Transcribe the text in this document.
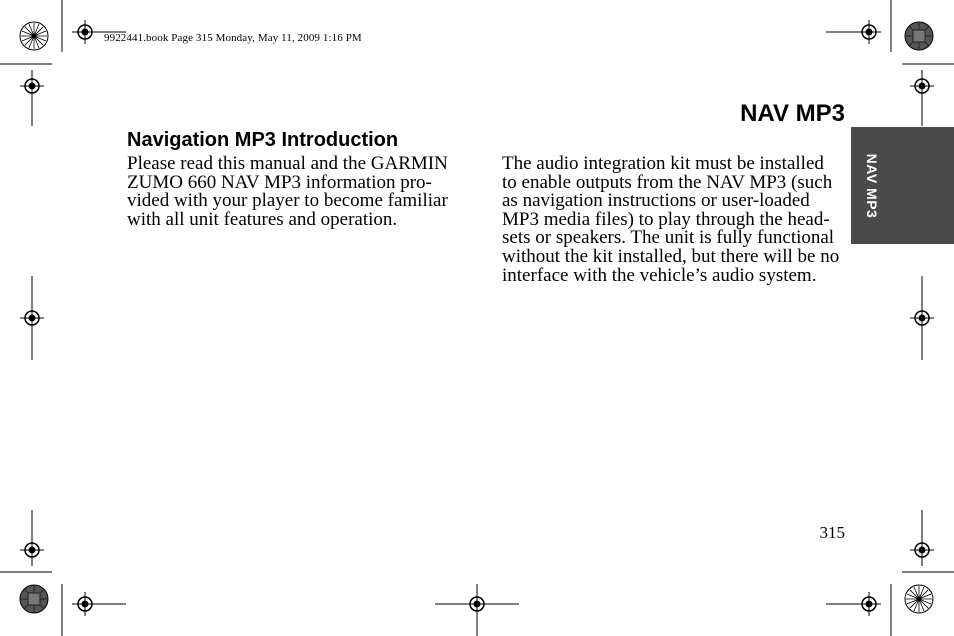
9922441.book Page 315 Monday, May 11, 2009 1:16 PM
NAV MP3
NAV MP3
Navigation MP3 Introduction

Please read this manual and the GARMIN
ZUMO 660 NAV MP3 information pro-
vided with your player to become familiar
with all unit features and operation.

The audio integration kit must be installed
to enable outputs from the NAV MP3 (such
as navigation instructions or user-loaded
MP3 media files) to play through the head-
sets or speakers. The unit is fully functional
without the kit installed, but there will be no
interface with the vehicle’s audio system.

315
